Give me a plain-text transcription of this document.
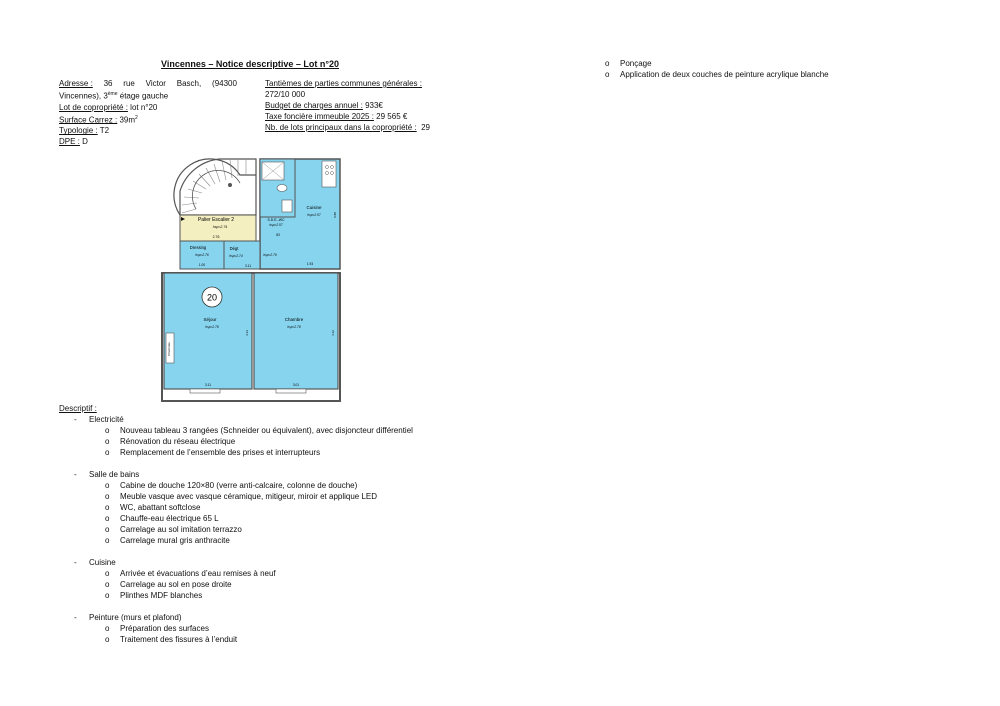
Vincennes – Notice descriptive – Lot n°20
Adresse : 36 rue Victor Basch, (94300
Vincennes), 3ème étage gauche
Lot de copropriété : lot n°20
Surface Carrez : $39m^2$
Typologie : T2
DPE : D
Tantièmes de parties communes générales :
272/10 000
Budget de charges annuel : 933€
Taxe foncière immeuble 2025 : 29 565 €
Nb. de lots principaux dans la copropriété :  29
Palier Escalier 2
hsp=2.74
2.76
S.D.E.-WC
hsp=2.57
83
Cuisine
hsp=2.57	0.88
1.93
Dressing
hsp=2.76
1.00
Dégt
hsp=2.74	hsp=2.79
3.11
20
Séjour
hsp=2.78
Cheminée
4.13
3.11
Chambre
hsp=2.78
4.12
3.01
Descriptif :
- Electricité
o Nouveau tableau 3 rangées (Schneider ou équivalent), avec disjoncteur différentiel
o Rénovation du réseau électrique
o Remplacement de l’ensemble des prises et interrupteurs
- Salle de bains
o Cabine de douche 120×80 (verre anti-calcaire, colonne de douche)
o Meuble vasque avec vasque céramique, mitigeur, miroir et applique LED
o WC, abattant softclose
o Chauffe-eau électrique 65 L
o Carrelage au sol imitation terrazzo
o Carrelage mural gris anthracite
- Cuisine
o Arrivée et évacuations d’eau remises à neuf
o Carrelage au sol en pose droite
o Plinthes MDF blanches
- Peinture (murs et plafond)
o Préparation des surfaces
o Traitement des fissures à l’enduit
o Ponçage
o Application de deux couches de peinture acrylique blanche
